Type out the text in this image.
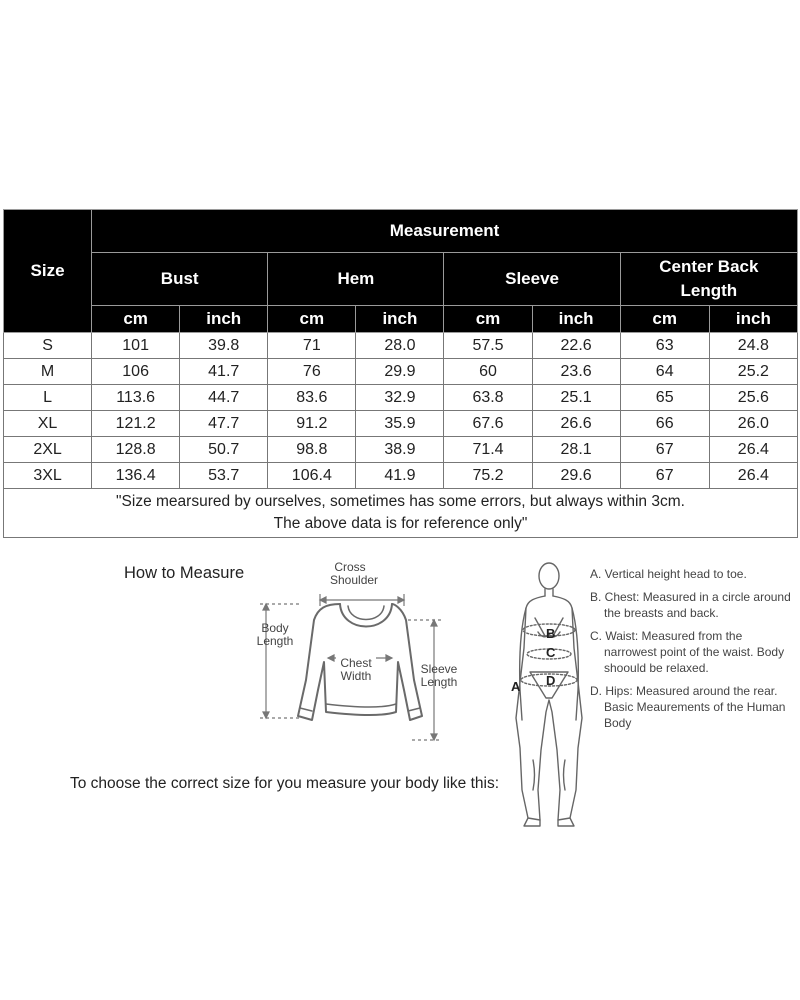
Size	Measurement							
	Bust		Hem		Sleeve		Center Back Length	
	cm	inch	cm	inch	cm	inch	cm	inch
S	101	39.8	71	28.0	57.5	22.6	63	24.8
M	106	41.7	76	29.9	60	23.6	64	25.2
L	113.6	44.7	83.6	32.9	63.8	25.1	65	25.6
XL	121.2	47.7	91.2	35.9	67.6	26.6	66	26.0
2XL	128.8	50.7	98.8	38.9	71.4	28.1	67	26.4
3XL	136.4	53.7	106.4	41.9	75.2	29.6	67	26.4

"Size mearsured by ourselves, sometimes has some errors, but always within 3cm.
The above data is for reference only"								
How to Measure	Cross
Shoulder
Body
Length
Chest
Width	Sleeve
Length
To choose the correct size for you measure your body like this:
B
C
D
A

A. Vertical height head to toe.

B. Chest: Measured in a circle around the breasts and back.

C. Waist: Measured from the narrowest point of the waist. Body shoould be relaxed.

D. Hips: Measured around the rear. Basic Meaurements of the Human Body
